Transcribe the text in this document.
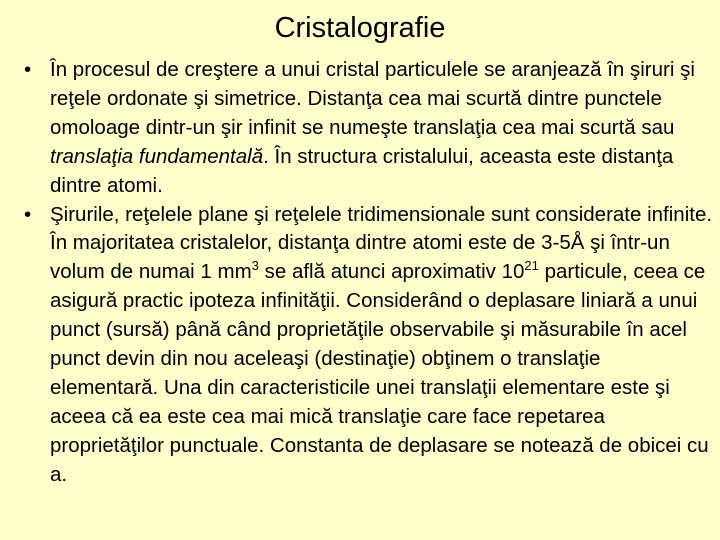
Cristalografie
• În procesul de creştere a unui cristal particulele se aranjează în şiruri şi reţele ordonate şi simetrice. Distanţa cea mai scurtă dintre punctele omoloage dintr-un şir infinit se numeşte translaţia cea mai scurtă sau translaţia fundamentală. În structura cristalului, aceasta este distanţa dintre atomi.
• Şirurile, reţelele plane şi reţelele tridimensionale sunt considerate infinite. În majoritatea cristalelor, distanţa dintre atomi este de 3-5Å şi într-un volum de numai 1 $mm^3$ se află atunci aproximativ $10^{21}$ particule, ceea ce asigură practic ipoteza infinităţii. Considerând o deplasare liniară a unui punct (sursă) până când proprietăţile observabile şi măsurabile în acel punct devin din nou aceleaşi (destinaţie) obţinem o translaţie elementară. Una din caracteristicile unei translaţii elementare este şi aceea că ea este cea mai mică translaţie care face repetarea proprietăţilor punctuale. Constanta de deplasare se notează de obicei cu a.
